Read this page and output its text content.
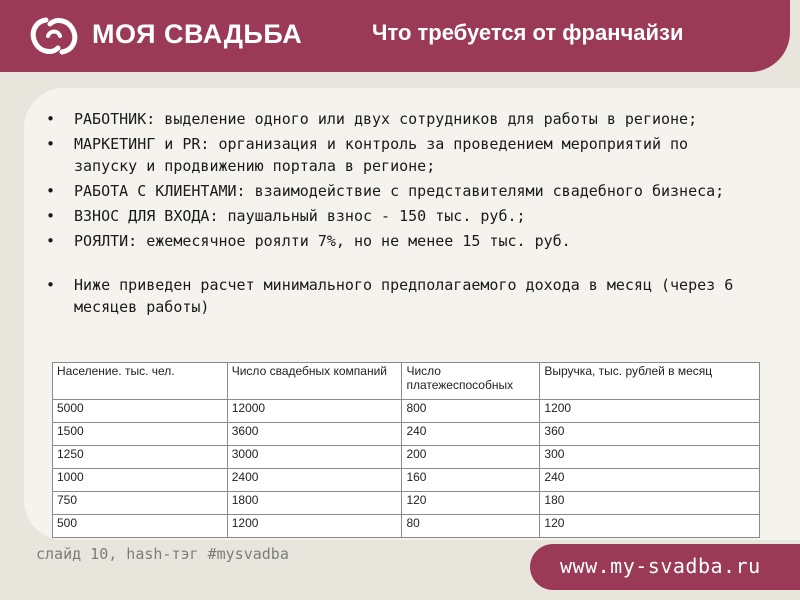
МОЯ СВАДЬБА	Что требуется от франчайзи
• РАБОТНИК: выделение одного или двух сотрудников для работы в регионе;
• МАРКЕТИНГ и PR: организация и контроль за проведением мероприятий по запуску и продвижению портала в регионе;
• РАБОТА С КЛИЕНТАМИ: взаимодействие с представителями свадебного бизнеса;
• ВЗНОС ДЛЯ ВХОДА: паушальный взнос - 150 тыс. руб.;
• РОЯЛТИ: ежемесячное роялти 7%, но не менее 15 тыс. руб.
• Ниже приведен расчет минимального предполагаемого дохода в месяц (через 6 месяцев работы)
Население. тыс. чел.	Число свадебных компаний	Число платежеспособных	Выручка, тыс. рублей в месяц
5000	12000	800	1200
1500	3600	240	360
1250	3000	200	300
1000	2400	160	240
750	1800	120	180
500	1200	80	120
слайд 10, hash-тэг #mysvadba	www.my-svadba.ru
